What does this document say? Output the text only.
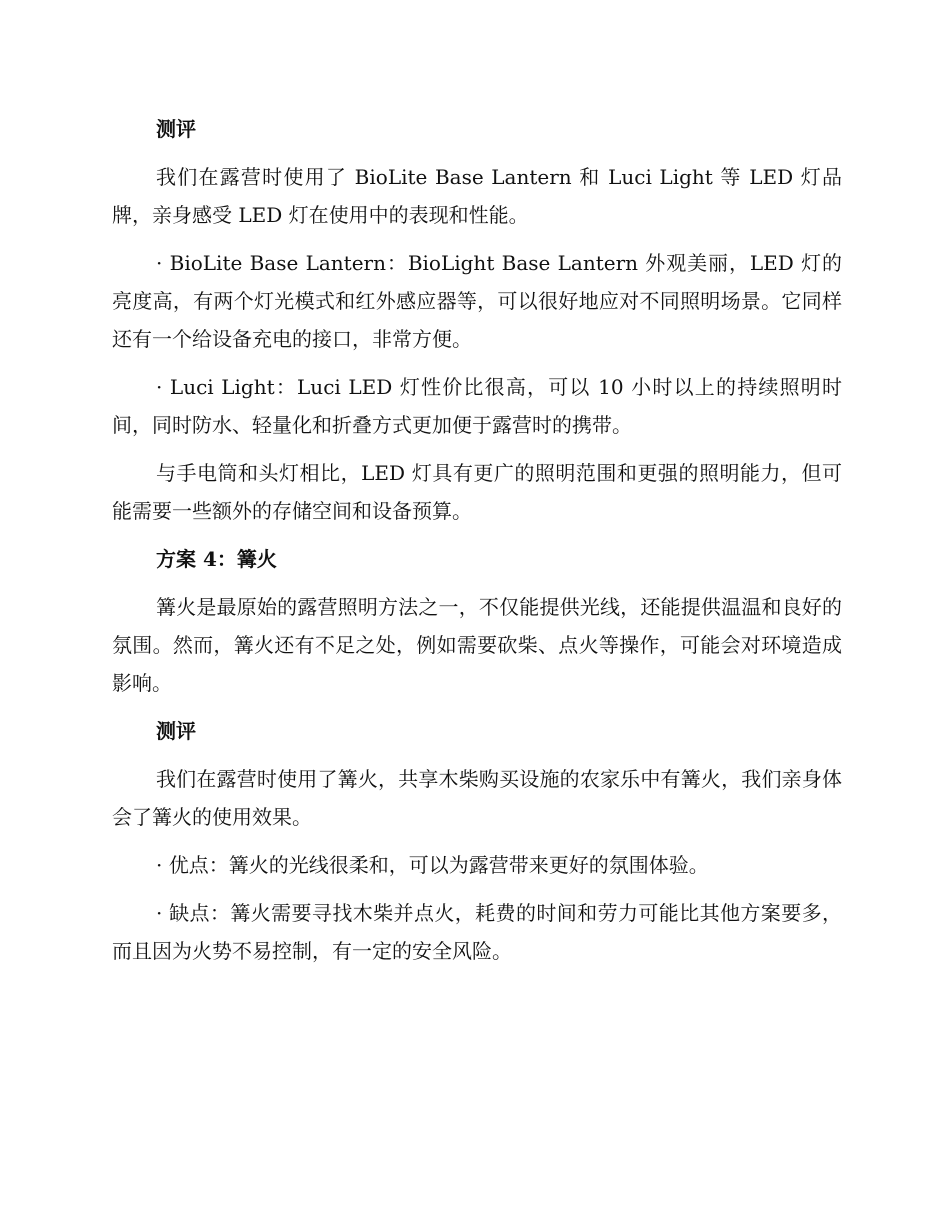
测评

我们在露营时使用了 BioLite Base Lantern 和 Luci Light 等 LED 灯品牌，亲身感受 LED 灯在使用中的表现和性能。

· BioLite Base Lantern：BioLight Base Lantern 外观美丽，LED 灯的亮度高，有两个灯光模式和红外感应器等，可以很好地应对不同照明场景。它同样还有一个给设备充电的接口，非常方便。

· Luci Light：Luci LED 灯性价比很高，可以 10 小时以上的持续照明时间，同时防水、轻量化和折叠方式更加便于露营时的携带。

与手电筒和头灯相比，LED 灯具有更广的照明范围和更强的照明能力，但可能需要一些额外的存储空间和设备预算。

方案 4：篝火

篝火是最原始的露营照明方法之一，不仅能提供光线，还能提供温温和良好的氛围。然而，篝火还有不足之处，例如需要砍柴、点火等操作，可能会对环境造成影响。

测评

我们在露营时使用了篝火，共享木柴购买设施的农家乐中有篝火，我们亲身体会了篝火的使用效果。

· 优点：篝火的光线很柔和，可以为露营带来更好的氛围体验。

· 缺点：篝火需要寻找木柴并点火，耗费的时间和劳力可能比其他方案要多，而且因为火势不易控制，有一定的安全风险。
